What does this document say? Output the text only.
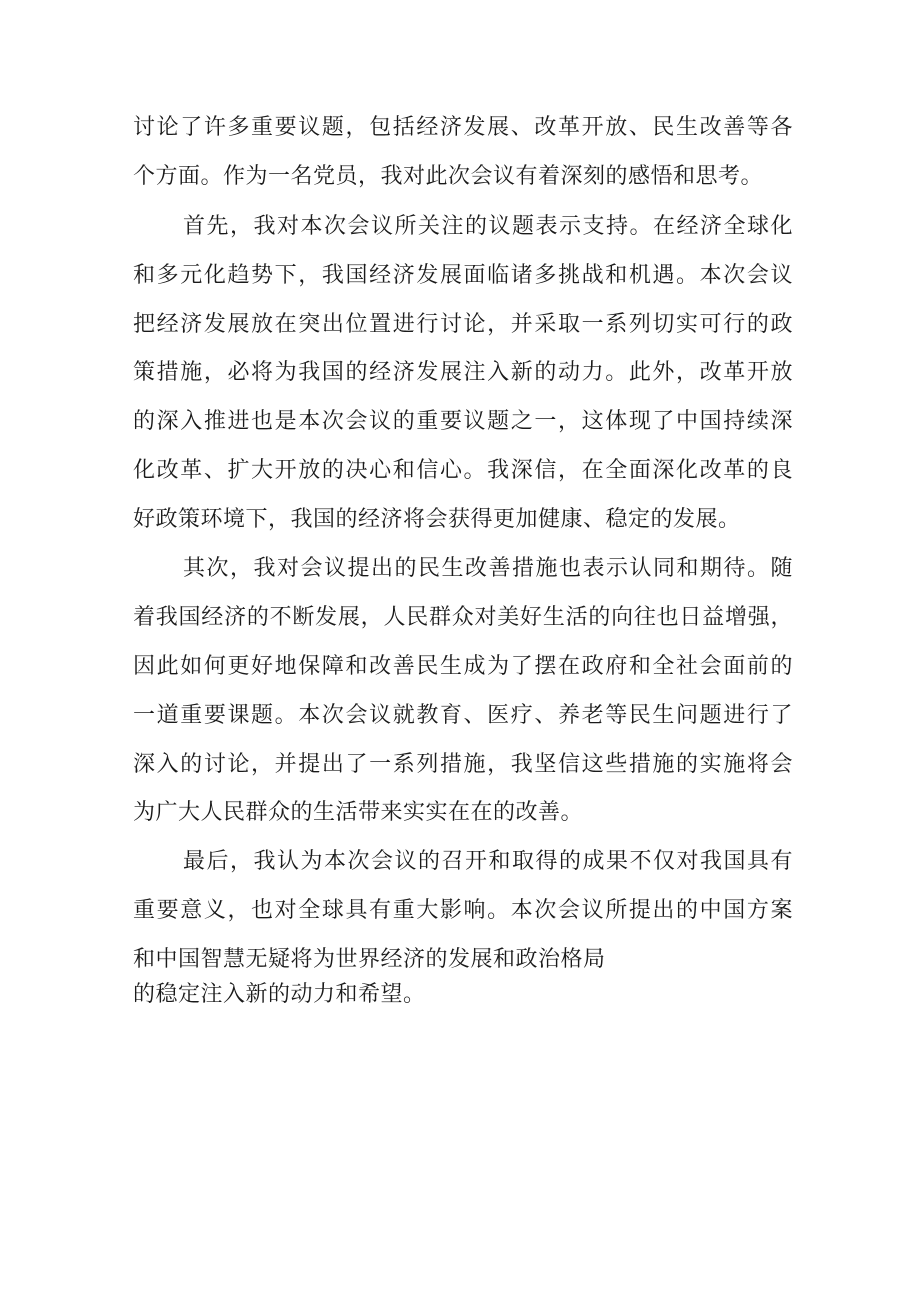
讨论了许多重要议题，包括经济发展、改革开放、民生改善等各
个方面。作为一名党员，我对此次会议有着深刻的感悟和思考。
首先，我对本次会议所关注的议题表示支持。在经济全球化
和多元化趋势下，我国经济发展面临诸多挑战和机遇。本次会议
把经济发展放在突出位置进行讨论，并采取一系列切实可行的政
策措施，必将为我国的经济发展注入新的动力。此外，改革开放
的深入推进也是本次会议的重要议题之一，这体现了中国持续深
化改革、扩大开放的决心和信心。我深信，在全面深化改革的良
好政策环境下，我国的经济将会获得更加健康、稳定的发展。
其次，我对会议提出的民生改善措施也表示认同和期待。随
着我国经济的不断发展，人民群众对美好生活的向往也日益增强，
因此如何更好地保障和改善民生成为了摆在政府和全社会面前的
一道重要课题。本次会议就教育、医疗、养老等民生问题进行了
深入的讨论，并提出了一系列措施，我坚信这些措施的实施将会
为广大人民群众的生活带来实实在在的改善。
最后，我认为本次会议的召开和取得的成果不仅对我国具有
重要意义，也对全球具有重大影响。本次会议所提出的中国方案
和中国智慧无疑将为世界经济的发展和政治格局
的稳定注入新的动力和希望。
